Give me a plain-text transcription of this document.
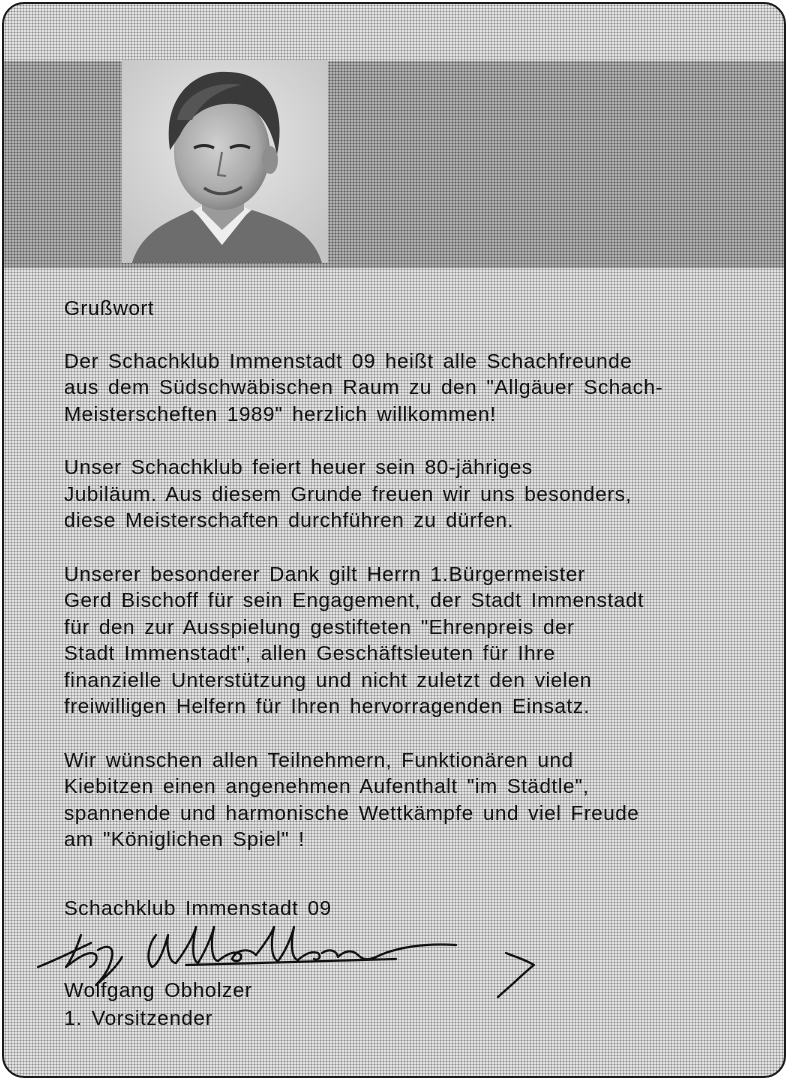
Grußwort

Der Schachklub Immenstadt 09 heißt alle Schachfreunde
aus dem Südschwäbischen Raum zu den "Allgäuer Schach-
Meisterscheften 1989" herzlich willkommen!

Unser Schachklub feiert heuer sein 80-jähriges
Jubiläum. Aus diesem Grunde freuen wir uns besonders,
diese Meisterschaften durchführen zu dürfen.

Unserer besonderer Dank gilt Herrn 1.Bürgermeister
Gerd Bischoff für sein Engagement, der Stadt Immenstadt
für den zur Ausspielung gestifteten "Ehrenpreis der
Stadt Immenstadt", allen Geschäftsleuten für Ihre
finanzielle Unterstützung und nicht zuletzt den vielen
freiwilligen Helfern für Ihren hervorragenden Einsatz.

Wir wünschen allen Teilnehmern, Funktionären und
Kiebitzen einen angenehmen Aufenthalt "im Städtle",
spannende und harmonische Wettkämpfe und viel Freude
am "Königlichen Spiel" !

Schachklub Immenstadt 09
Wolfgang Obholzer
1. Vorsitzender
